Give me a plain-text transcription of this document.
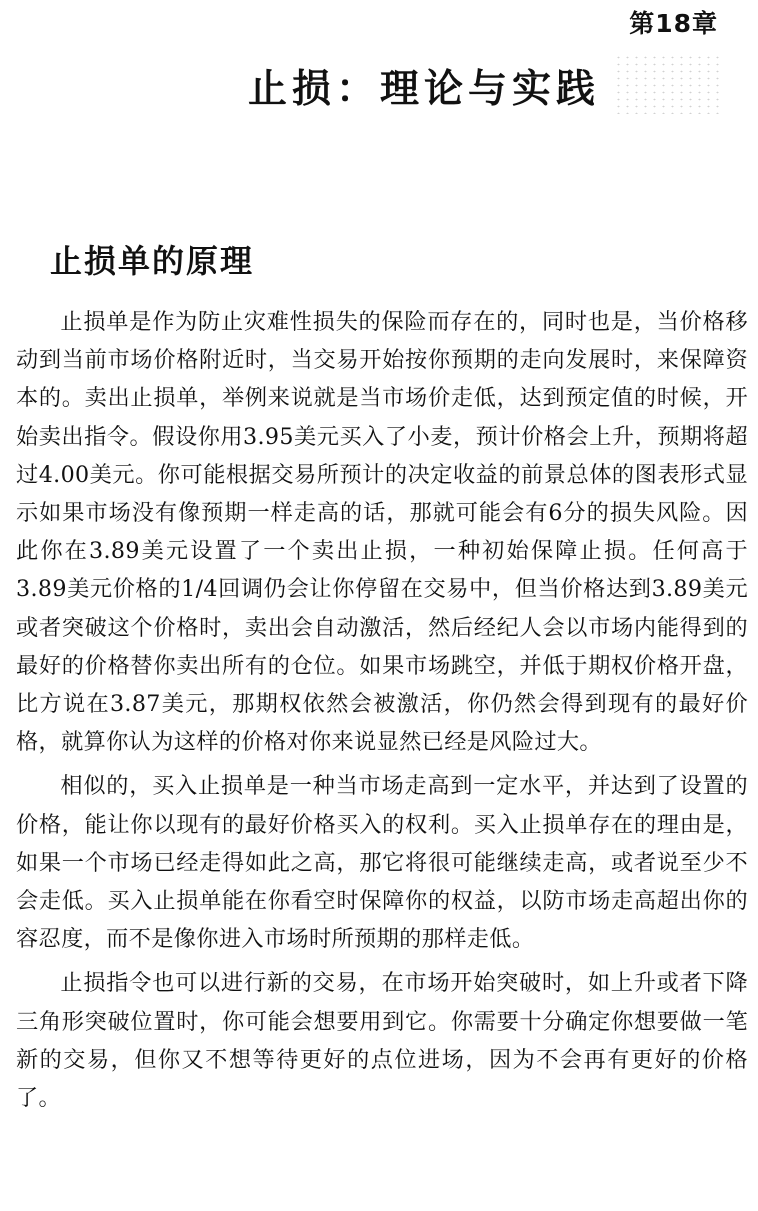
第18章
止损：理论与实践
止损单的原理

止损单是作为防止灾难性损失的保险而存在的，同时也是，当价格移动到当前市场价格附近时，当交易开始按你预期的走向发展时，来保障资本的。卖出止损单，举例来说就是当市场价走低，达到预定值的时候，开始卖出指令。假设你用3.95美元买入了小麦，预计价格会上升，预期将超过4.00美元。你可能根据交易所预计的决定收益的前景总体的图表形式显示如果市场没有像预期一样走高的话，那就可能会有6分的损失风险。因此你在3.89美元设置了一个卖出止损，一种初始保障止损。任何高于3.89美元价格的1/4回调仍会让你停留在交易中，但当价格达到3.89美元或者突破这个价格时，卖出会自动激活，然后经纪人会以市场内能得到的最好的价格替你卖出所有的仓位。如果市场跳空，并低于期权价格开盘，比方说在3.87美元，那期权依然会被激活，你仍然会得到现有的最好价格，就算你认为这样的价格对你来说显然已经是风险过大。

相似的，买入止损单是一种当市场走高到一定水平，并达到了设置的价格，能让你以现有的最好价格买入的权利。买入止损单存在的理由是，如果一个市场已经走得如此之高，那它将很可能继续走高，或者说至少不会走低。买入止损单能在你看空时保障你的权益，以防市场走高超出你的容忍度，而不是像你进入市场时所预期的那样走低。

止损指令也可以进行新的交易，在市场开始突破时，如上升或者下降三角形突破位置时，你可能会想要用到它。你需要十分确定你想要做一笔新的交易，但你又不想等待更好的点位进场，因为不会再有更好的价格了。
